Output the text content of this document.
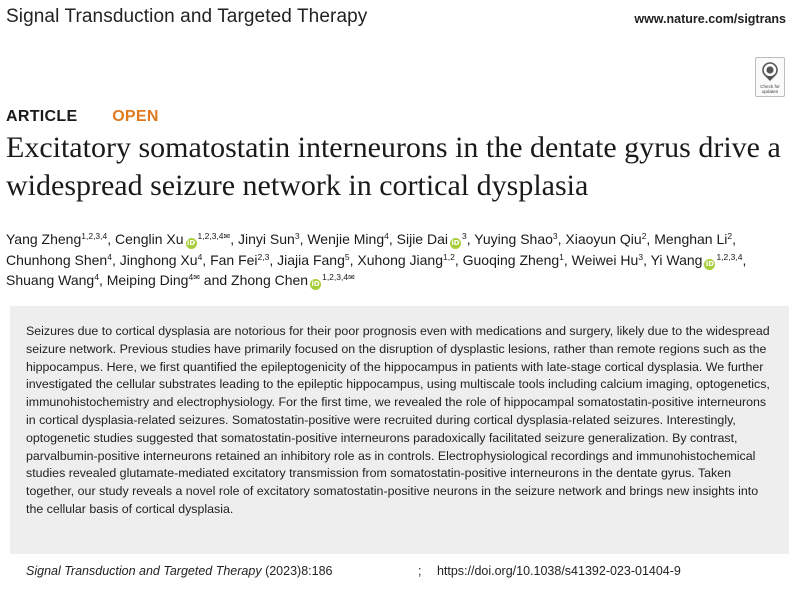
Signal Transduction and Targeted Therapy	www.nature.com/sigtrans
Check for updates
ARTICLE OPEN
Excitatory somatostatin interneurons in the dentate gyrus drive a widespread seizure network in cortical dysplasia

Yang Zheng$^{1,2,3,4}$, Cenglin Xu iD$^{1,2,3,4}$✉, Jinyi Sun$^3$, Wenjie Ming$^4$, Sijie Dai $iD^3$, Yuying Shao$^3$, Xiaoyun Qiu$^2$, Menghan Li$^2$, Chunhong Shen$^4$, Jinghong Xu$^4$, Fan Fei$^{2,3}$, Jiajia Fang$^5$, Xuhong Jiang$^{1,2}$, Guoqing Zheng$^1$, Weiwei Hu$^3$, Yi Wang iD$^{1,2,3,4}$, Shuang Wang$^4$, Meiping Ding$^4$✉ and Zhong Chen iD$^{1,2,3,4}$✉

Seizures due to cortical dysplasia are notorious for their poor prognosis even with medications and surgery, likely due to the widespread seizure network. Previous studies have primarily focused on the disruption of dysplastic lesions, rather than remote regions such as the hippocampus. Here, we first quantified the epileptogenicity of the hippocampus in patients with late-stage cortical dysplasia. We further investigated the cellular substrates leading to the epileptic hippocampus, using multiscale tools including calcium imaging, optogenetics, immunohistochemistry and electrophysiology. For the first time, we revealed the role of hippocampal somatostatin-positive interneurons in cortical dysplasia-related seizures. Somatostatin-positive were recruited during cortical dysplasia-related seizures. Interestingly, optogenetic studies suggested that somatostatin-positive interneurons paradoxically facilitated seizure generalization. By contrast, parvalbumin-positive interneurons retained an inhibitory role as in controls. Electrophysiological recordings and immunohistochemical studies revealed glutamate-mediated excitatory transmission from somatostatin-positive interneurons in the dentate gyrus. Taken together, our study reveals a novel role of excitatory somatostatin-positive neurons in the seizure network and brings new insights into the cellular basis of cortical dysplasia.

Signal Transduction and Targeted Therapy (2023)8:186	; https://doi.org/10.1038/s41392-023-01404-9
